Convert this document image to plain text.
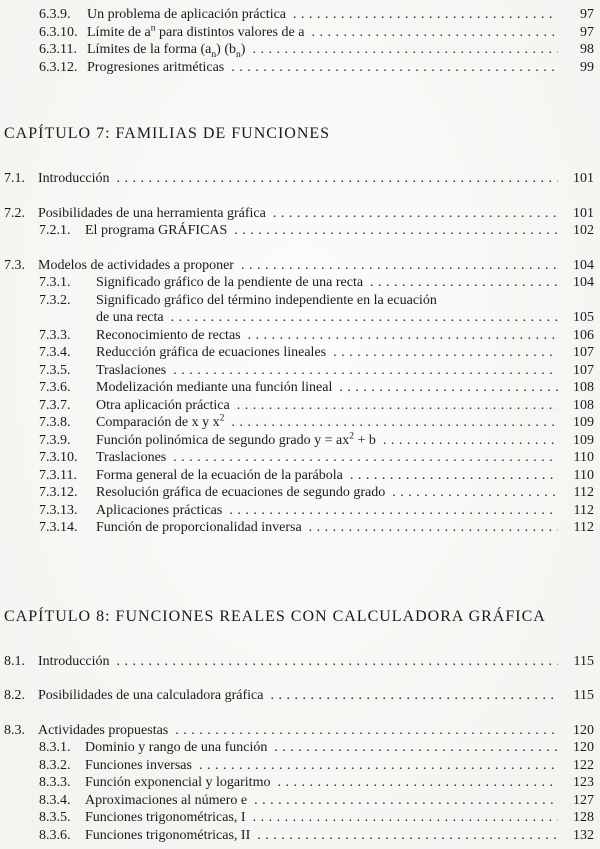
6.3.9.	Un problema de aplicación práctica .....	97
6.3.10. Límite de $a^n$ para distintos valores de a .....	97
6.3.11. Límites de la forma $(a_n)$ $(b_n)$ .....	98
6.3.12. Progresiones aritméticas .....	99
CAPÍTULO 7: FAMILIAS DE FUNCIONES
7.1. Introducción .....	101
7.2. Posibilidades de una herramienta gráfica .....	101
7.2.1.	El programa GRÁFICAS .....	102
7.3. Modelos de actividades a proponer .....	104
7.3.1.	Significado gráfico de la pendiente de una recta .....	104
7.3.2.	Significado gráfico del término independiente en la ecuación
de una recta .....	105
7.3.3.	Reconocimiento de rectas .....	106
7.3.4.	Reducción gráfica de ecuaciones lineales .....	107
7.3.5.	Traslaciones .....	107
7.3.6.	Modelización mediante una función lineal .....	108
7.3.7.	Otra aplicación práctica .....	108
7.3.8.	Comparación de x y $x^2$ .....	109
7.3.9.	Función polinómica de segundo grado $y = ax^2 + b$ .....	109
7.3.10.	Traslaciones .....	110
7.3.11.	Forma general de la ecuación de la parábola .....	110
7.3.12.	Resolución gráfica de ecuaciones de segundo grado .....	112
7.3.13.	Aplicaciones prácticas .....	112
7.3.14.	Función de proporcionalidad inversa .....	112
CAPÍTULO 8: FUNCIONES REALES CON CALCULADORA GRÁFICA
8.1. Introducción .....	115
8.2. Posibilidades de una calculadora gráfica .....	115
8.3. Actividades propuestas .....	120
8.3.1.	Dominio y rango de una función .....	120
8.3.2.	Funciones inversas .....	122
8.3.3.	Función exponencial y logaritmo .....	123
8.3.4.	Aproximaciones al número e .....	127
8.3.5.	Funciones trigonométricas, I .....	128
8.3.6.	Funciones trigonométricas, II .....	132
